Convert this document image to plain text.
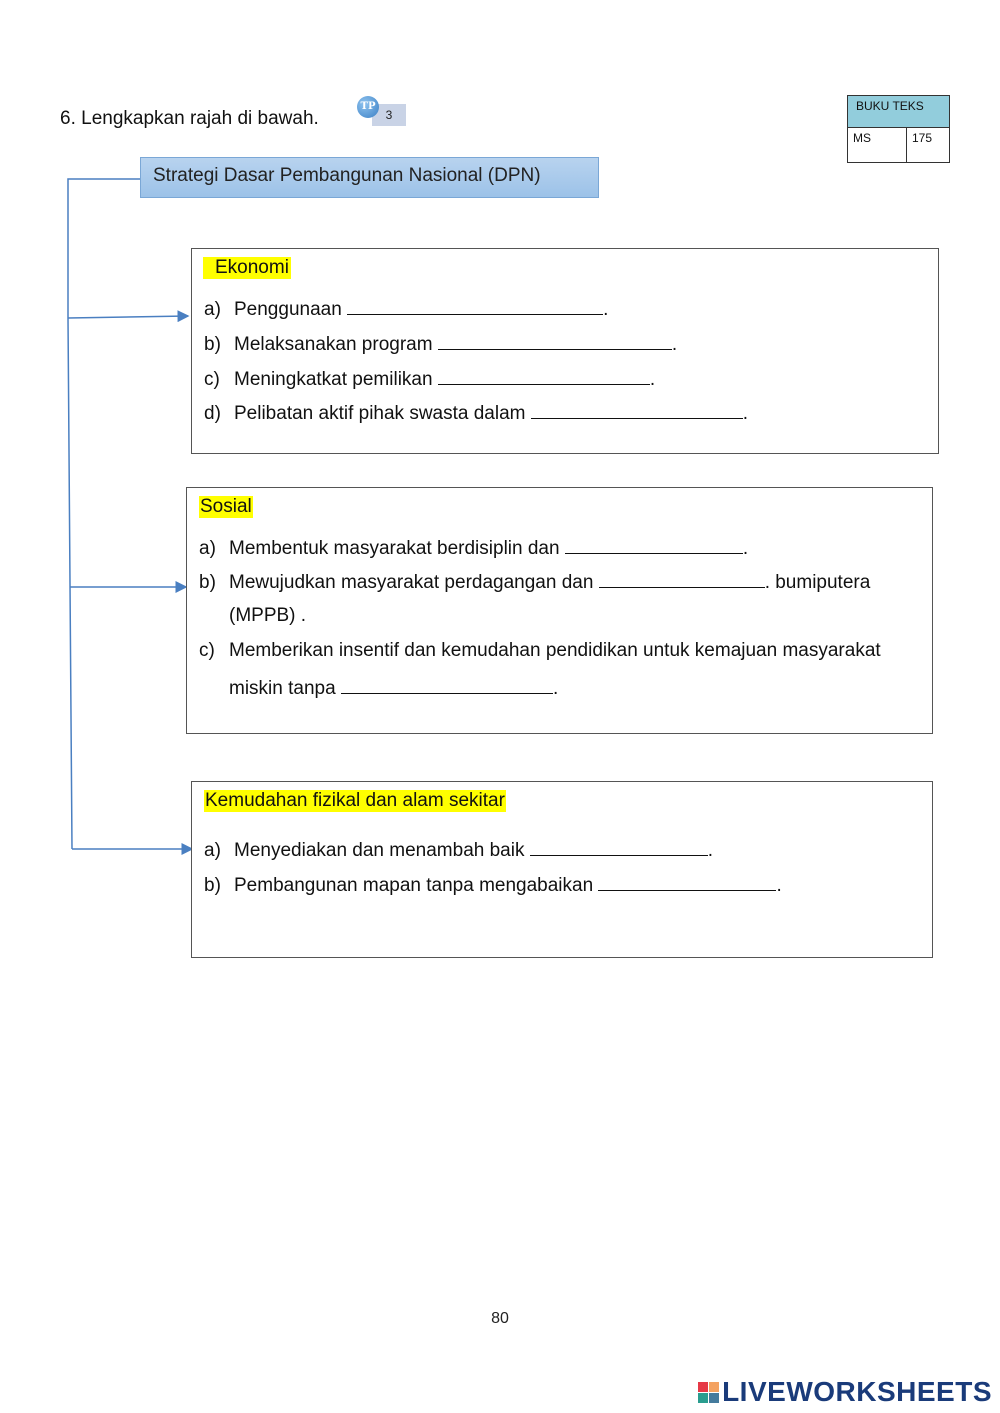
6. Lengkapkan rajah di bawah.
TP
3
BUKU TEKS
MS	175
Strategi Dasar Pembangunan Nasional (DPN)
Ekonomi
a) Penggunaan	.
b) Melaksanakan program	.
c) Meningkatkat pemilikan	.
d) Pelibatan aktif pihak swasta dalam	.
Sosial
a) Membentuk masyarakat berdisiplin dan	.
b) Mewujudkan masyarakat perdagangan dan	. bumiputera
(MPPB) .
c) Memberikan insentif dan kemudahan pendidikan untuk kemajuan masyarakat
miskin tanpa	.
Kemudahan fizikal dan alam sekitar
a) Menyediakan dan menambah baik	.
b) Pembangunan mapan tanpa mengabaikan	.
80
LIVEWORKSHEETS
